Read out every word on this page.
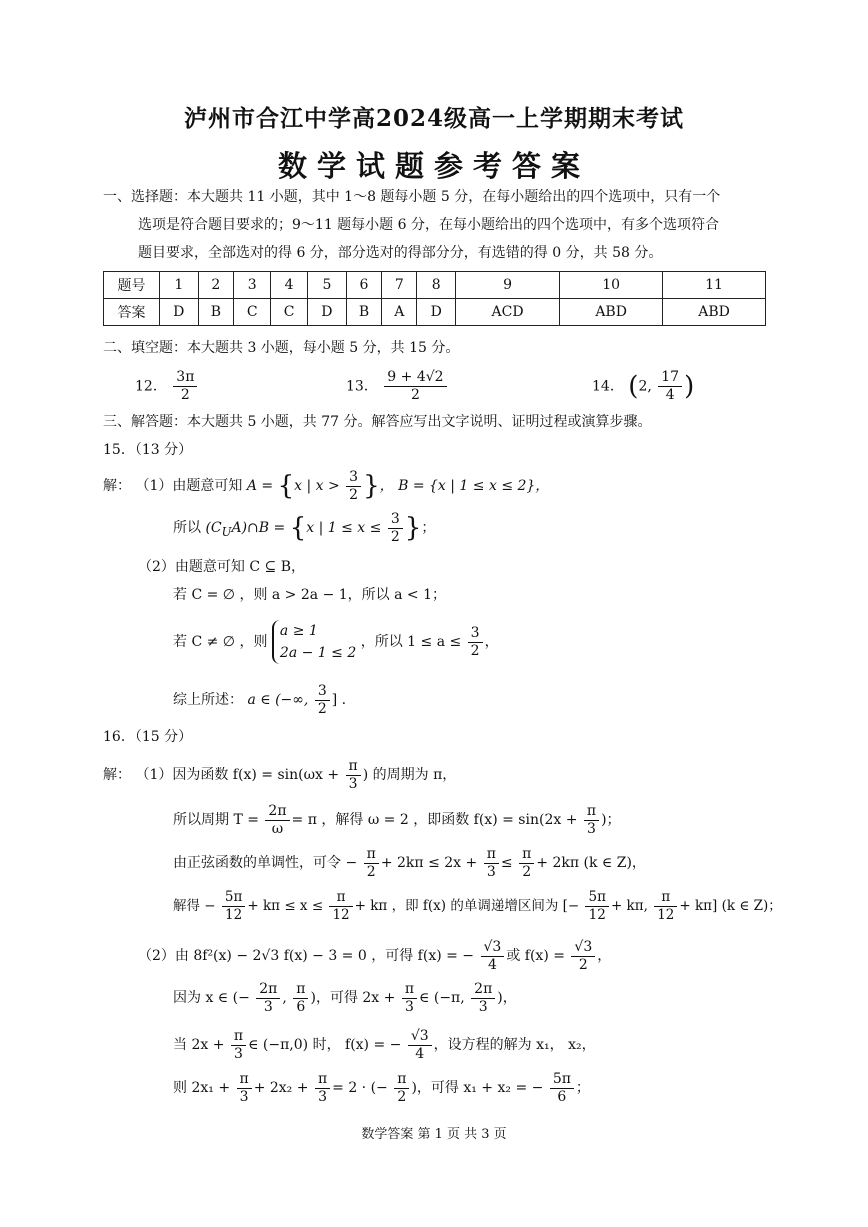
泸州市合江中学高2024级高一上学期期末考试
数学试题参考答案
一、选择题：本大题共 11 小题，其中 1～8 题每小题 5 分，在每小题给出的四个选项中，只有一个
选项是符合题目要求的；9～11 题每小题 6 分，在每小题给出的四个选项中，有多个选项符合
题目要求，全部选对的得 6 分，部分选对的得部分分，有选错的得 0 分，共 58 分。
题号	1	2	3	4	5	6	7	8	9	10	11
答案	D	B	C	C	D	B	A	D	ACD	ABD	ABD
二、填空题：本大题共 3 小题，每小题 5 分，共 15 分。
12． $\frac{3\pi}{2}$	13． $\frac{9 + 4√2}{2}$	14． (2, $\frac{17}{4}$ )
三、解答题：本大题共 5 小题，共 77 分。解答应写出文字说明、证明过程或演算步骤。
15．（13 分）
解： （1）由题意可知 A = {x | $x > \frac{3}{2}$ }， B = {x | 1 ≤ x ≤ 2}，
所以 $(C_UA)\cap B = \{x$ | $1 \le x \le \frac{3}{2}$ }；
（2）由题意可知 C ⊆ B，
若 C = ∅ ，则 a > 2a − 1，所以 a < 1；
若 C ≠ ∅ ，则
a ≥ 1
2a − 1 ≤ 2
，所以 $1 \le a \le \frac{3}{2}$ ，
综上所述： a ∈ (−∞, $\frac{3}{2}$ ] .
16．（15 分）
解： （1）因为函数 $f(x) = \sin(\omega x + \frac{\pi}{3}$ ) 的周期为 π，
所以周期 $T = \frac{2\pi}{\omega} = \pi$ ，解得 ω = 2 ，即函数 $f(x) = \sin(2x + \frac{\pi}{3}$ )；
由正弦函数的单调性，可令 − $\frac{\pi}{2} + 2k\pi \le 2x + \frac{\pi}{3} \le \frac{\pi}{2} + 2k\pi$ (k ∈ Z)，
解得 − $\frac{5\pi}{12} + k\pi \le x \le \frac{\pi}{12} + k\pi$ ，即 f(x) 的单调递增区间为 [− $\frac{5\pi}{12} + k\pi$, $\frac{\pi}{12} + k\pi$] (k ∈ Z)；
（2）由 8f²(x) − 2√3 f(x) − 3 = 0 ，可得 f(x) = − $\frac{√3}{4}$ 或 $f(x) = \frac{√3}{2}$ ，
因为 x ∈ (− $\frac{2\pi}{3}$ , $\frac{\pi}{6}$ )，可得 $2x + \frac{\pi}{3}$ ∈ (−π, $\frac{2\pi}{3}$ )，
当 $2x + \frac{\pi}{3}$ ∈ (−π,0) 时， f(x) = − $\frac{√3}{4}$ ，设方程的解为 x₁， x₂，
则 $2x_1 + \frac{\pi}{3} + 2x_2 + \frac{\pi}{3} = 2$ · (− $\frac{\pi}{2}$ )，可得 x₁ + x₂ = − $\frac{5\pi}{6}$ ；
数学答案 第 1 页 共 3 页
